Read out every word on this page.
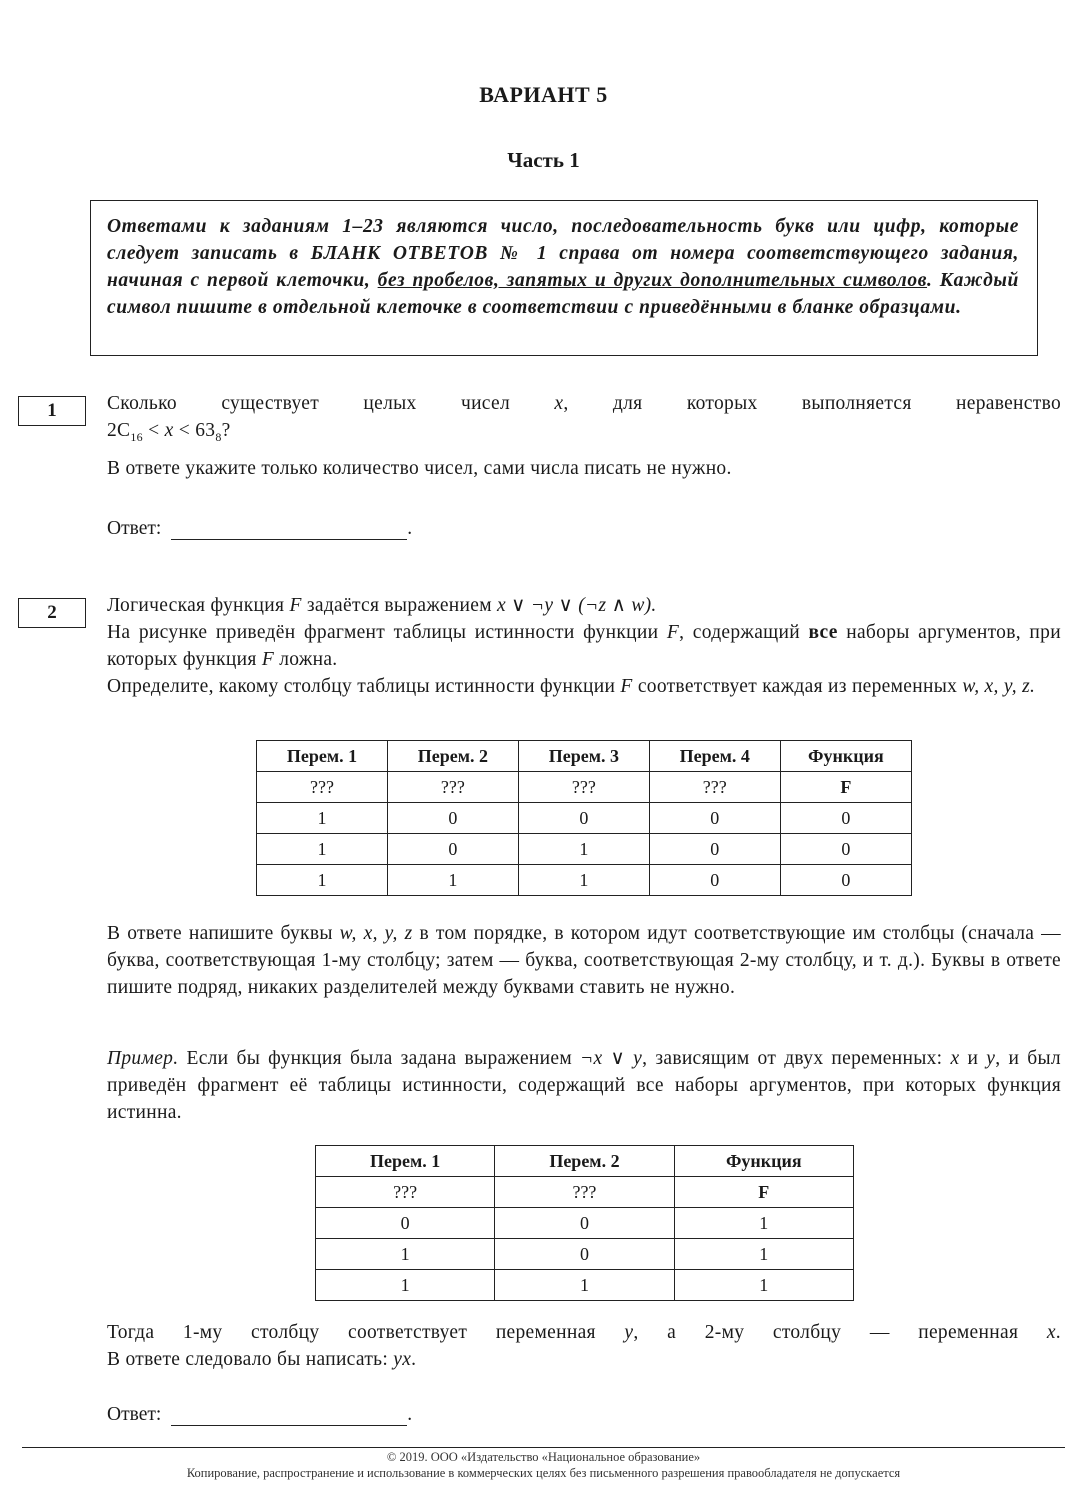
ВАРИАНТ 5
Часть 1
Ответами к заданиям 1–23 являются число, последовательность букв или цифр, которые следует записать в БЛАНК ОТВЕТОВ № 1 справа от номера соответствующего задания, начиная с первой клеточки, без пробелов, запятых и других дополнительных символов. Каждый символ пишите в отдельной клеточке в соответствии с приведёнными в бланке образцами.
1	Сколько существует целых чисел x, для которых выполняется неравенство
$2C_{16} < x < 63_8$?
В ответе укажите только количество чисел, сами числа писать не нужно.
Ответ:	.
2	Логическая функция F задаётся выражением x ∨ ¬y ∨ (¬z ∧ w).
На рисунке приведён фрагмент таблицы истинности функции F, содержащий все наборы аргументов, при которых функция F ложна.
Определите, какому столбцу таблицы истинности функции F соответствует каждая из переменных w, x, y, z.
Перем. 1	Перем. 2	Перем. 3	Перем. 4	Функция
???	???	???	???	F
1	0	0	0	0
1	0	1	0	0
1	1	1	0	0
В ответе напишите буквы w, x, y, z в том порядке, в котором идут соответствующие им столбцы (сначала — буква, соответствующая 1-му столбцу; затем — буква, соответствующая 2-му столбцу, и т. д.). Буквы в ответе пишите подряд, никаких разделителей между буквами ставить не нужно.
Пример. Если бы функция была задана выражением ¬x ∨ y, зависящим от двух переменных: x и y, и был приведён фрагмент её таблицы истинности, содержащий все наборы аргументов, при которых функция истинна.
Перем. 1	Перем. 2	Функция
???	???	F
0	0	1
1	0	1
1	1	1
Тогда 1-му столбцу соответствует переменная y, а 2-му столбцу — переменная x.
В ответе следовало бы написать: yx.
Ответ:	.
© 2019. ООО «Издательство «Национальное образование»
Копирование, распространение и использование в коммерческих целях без письменного разрешения правообладателя не допускается
